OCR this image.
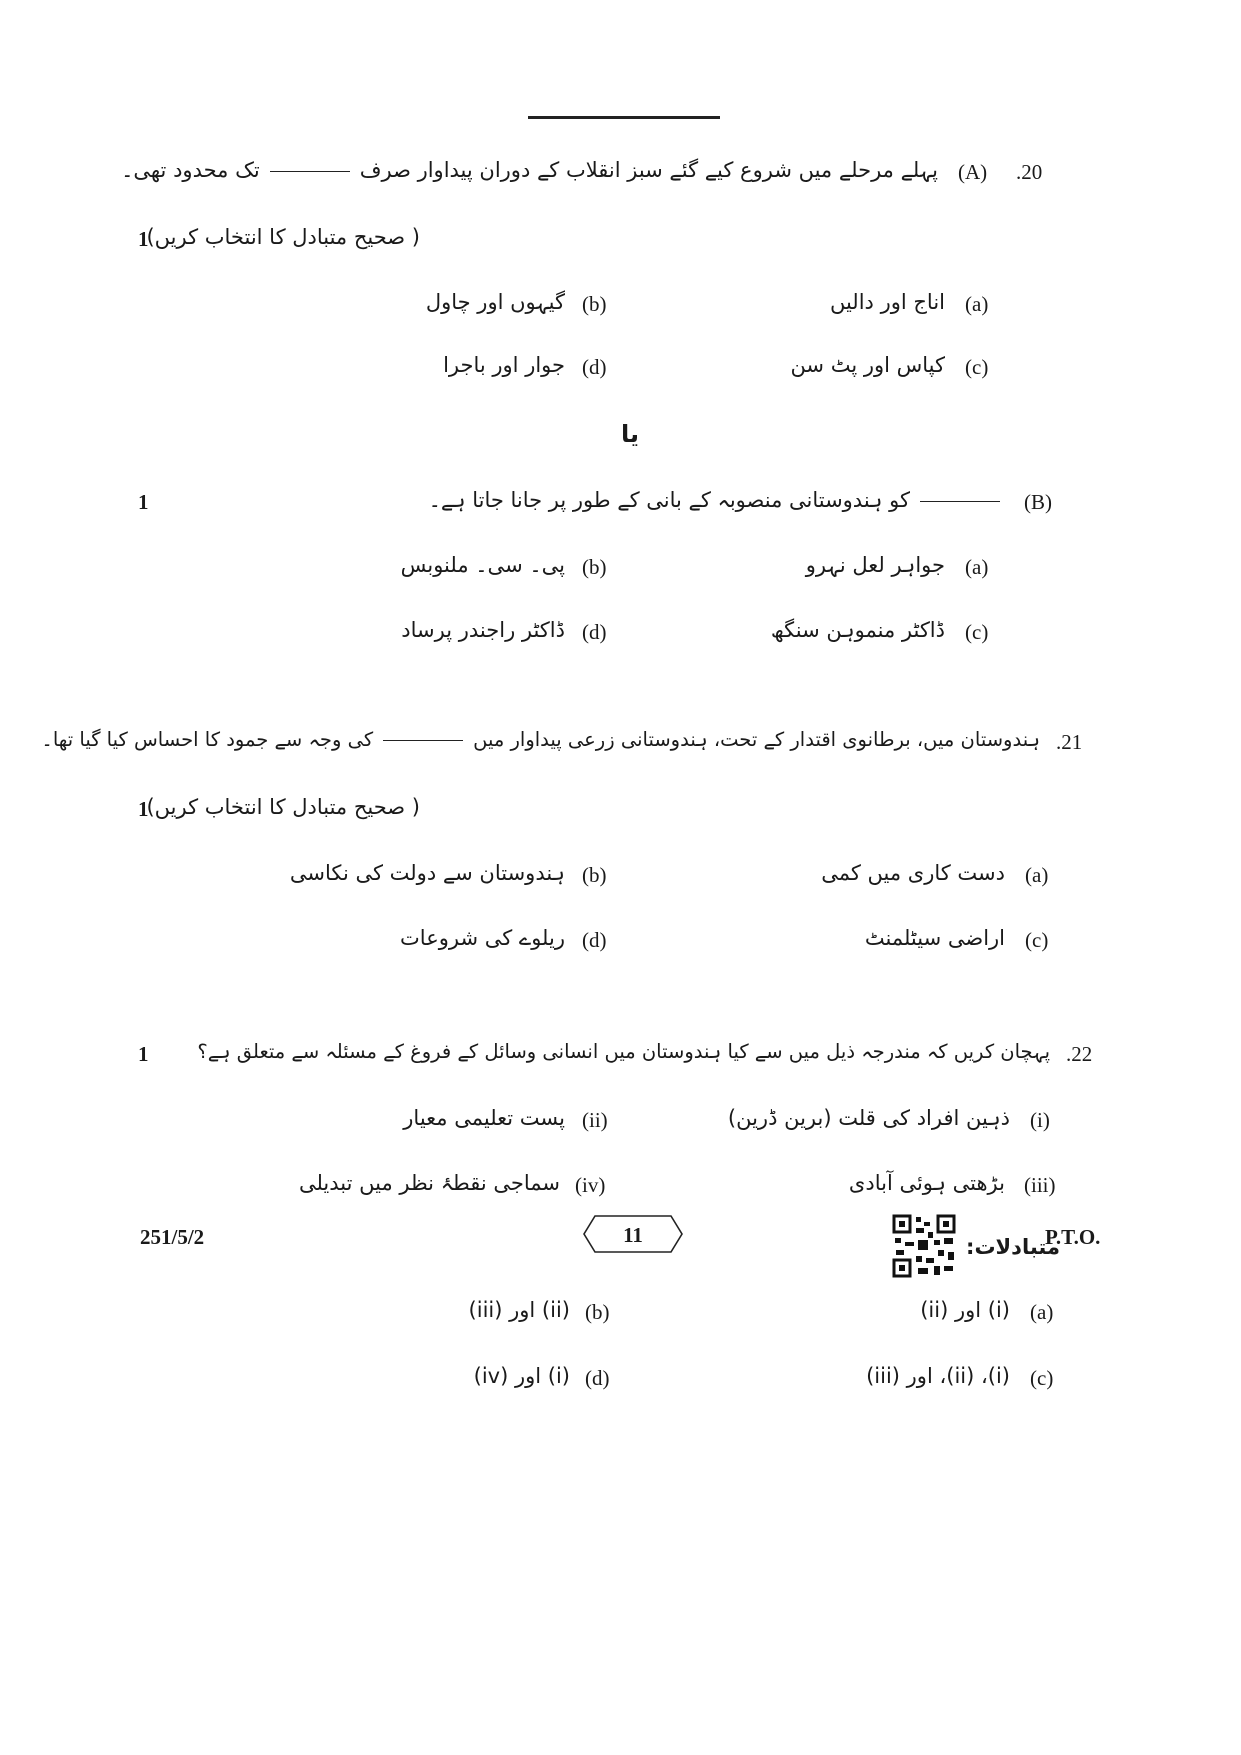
.20
(A)
پہلے مرحلے میں شروع کیے گئے سبز انقلاب کے دوران پیداوار صرفتک محدود تھی۔
( صحیح متبادل کا انتخاب کریں)
1
(a)
اناج اور دالیں
(b)
گیہوں اور چاول
(c)
کپاس اور پٹ سن
(d)
جوار اور باجرا
یا
(B)
کو ہندوستانی منصوبہ کے بانی کے طور پر جانا جاتا ہے۔
1
(a)
جواہر لعل نہرو
(b)
پی۔ سی۔ ملنوبس
(c)
ڈاکٹر منموہن سنگھ
(d)
ڈاکٹر راجندر پرساد
.21
ہندوستان میں، برطانوی اقتدار کے تحت، ہندوستانی زرعی پیداوار میںکی وجہ سے جمود کا احساس کیا گیا تھا۔
( صحیح متبادل کا انتخاب کریں)
1
(a)
دست کاری میں کمی
(b)
ہندوستان سے دولت کی نکاسی
(c)
اراضی سیٹلمنٹ
(d)
ریلوے کی شروعات
.22
پہچان کریں کہ مندرجہ ذیل میں سے کیا ہندوستان میں انسانی وسائل کے فروغ کے مسئلہ سے متعلق ہے؟
1
(i)
ذہین افراد کی قلت (برین ڈرین)
(ii)
پست تعلیمی معیار
(iii)
بڑھتی ہوئی آبادی
(iv)
سماجی نقطۂ نظر میں تبدیلی
متبادلات:
(a)
(i) اور (ii)
(b)
(ii) اور (iii)
(c)
(i)، (ii)، اور (iii)
(d)
(i) اور (iv)
251/5/2	11	P.T.O.
